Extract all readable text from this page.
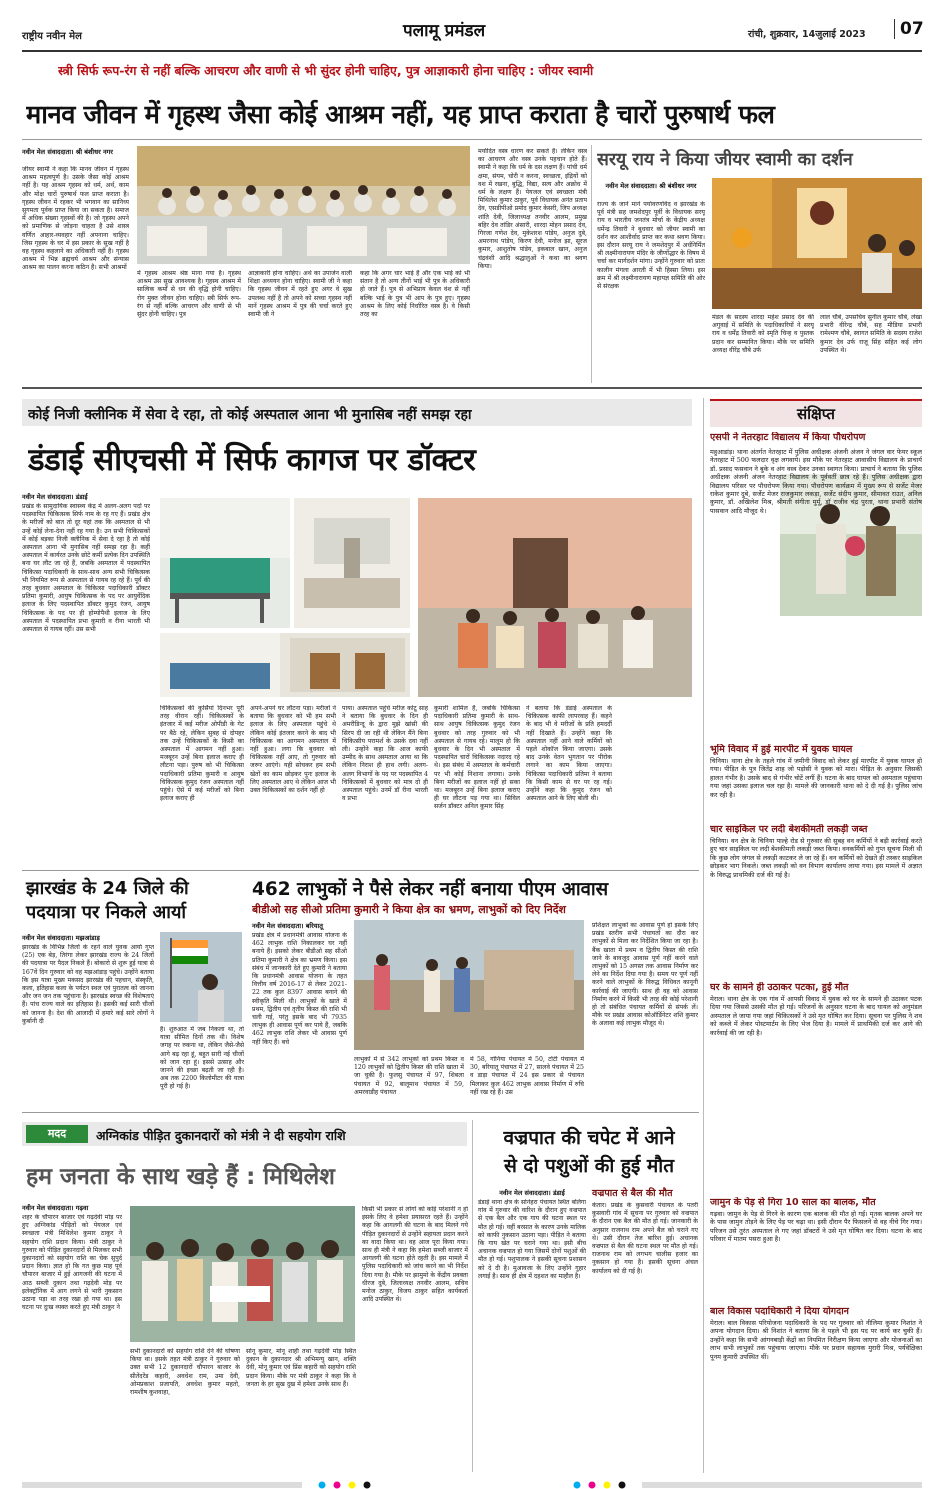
राष्ट्रीय नवीन मेल	पलामू प्रमंडल	रांची, शुक्रवार, 14जुलाई 2023	07
स्त्री सिर्फ रूप-रंग से नहीं बल्कि आचरण और वाणी से भी सुंदर होनी चाहिए, पुत्र आज्ञाकारी होना चाहिए : जीयर स्वामी
मानव जीवन में गृहस्थ जैसा कोई आश्रम नहीं, यह प्राप्त कराता है चारों पुरुषार्थ फल
नवीन मेल संवाददाता। श्री बंशीधर नगर
जीयर स्वामी ने कहा कि मानव जीवन में गृहस्थ आश्रम महत्वपूर्ण है। उसके जैसा कोई आश्रम नहीं है। यह आश्रम गृहस्थ को धर्म, अर्थ, काम और मोक्ष चारों पुरुषार्थ फल प्राप्त कराता है। गृहस्थ जीवन में रहकर भी भगवान का सानिध्य सुगमता पूर्वक प्राप्त किया जा सकता है। समाज में अधिक संख्या गृहस्थों की है। जो गृहस्थ अपने को प्रमाणिक से जोड़ना चाहता है उसे शास्त्र वर्णित आहार-व्यवहार नहीं अपनाना चाहिए। जिस गृहस्थ के घर में इस प्रकार के सुख नहीं है वह गृहस्थ कहलाने का अधिकारी नहीं है। गृहस्थ आश्रम में भिन्न ब्रह्मचर्य आश्रम और संन्यास आश्रम का पालन करना कठिन है। सभी आश्रमों
में गृहस्थ आश्रम श्रेष्ठ माना गया है। गृहस्थ आश्रम उस सुख आवश्यक है। गृहस्थ आश्रम में सात्विक कर्मों से धन की वृद्धि होनी चाहिए। रोग मुक्त जीवन होना चाहिए। स्त्री सिर्फ रूप-रंग से नहीं बल्कि आचरण और वाणी से भी सुंदर होनी चाहिए। पुत्र
आज्ञाकारी होना चाहिए। अर्थ का उपार्जन वाली शिक्षा अध्ययन होना चाहिए। स्वामी जी ने कहा कि गृहस्थ जीवन में रहते हुए अगर वे सुख उपलब्ध नहीं है तो अपने को सच्चा गृहस्थ नहीं मानें गृहस्थ आश्रम में पुत्र की चर्चा करते हुए स्वामी जी ने
कहा कि अगर चार भाई हैं और एक भाई को भी संतान है तो अन्य तीनों भाई भी पुत्र के अधिकारी हो जाते हैं। पुत्र से अभिप्राय केवल वंश से नहीं बल्कि भाई के पुत्र भी आप के पुत्र हुए। गृहस्थ आश्रम के लिए कोई निर्धारित वस्त्र है। वे किसी तरह का
मर्यादित वस्त्र धारण कर सकते हैं। लेकिन वस्त्र का आचरण और वस्त्र उनके पहचान होते हैं। स्वामी ने कहा कि धर्म के दस लक्षण हैं। पांची धर्म क्षमा, संयम, चोरी न करना, स्वच्छता, इंद्रियों को वश में रखना, बुद्धि, विद्या, सत्य और अक्रोध में धर्म के लक्षण हैं। पेयजल एवं स्वच्छता मंत्री मिथिलेश कुमार ठाकुर, पूर्व विधायक अनंत प्रताप देव, एसडीपीओ प्रमोद कुमार केसरी, जिप अध्यक्ष शांति देवी, जिलाध्यक्ष तनवीर आलम, प्रमुख बहिर देव तांडिर अंसारी, शारदा मोहन प्रसाद देव, गिरजा गणेश देव, मुकेशरश पांडेय, अनुज दुबे, अमरनाथ पांडेय, किरण देवी, मनोज झा, सूरज कुमार, आशुतोष पांडेय, इकबाल खान, अनुज चंद्रवंशी आदि श्रद्धालुओं ने कथा का श्रवण किया।
सरयू राय ने किया जीयर स्वामी का दर्शन
नवीन मेल संवाददाता। श्री बंशीधर नगर
राज्य के जाने माने पर्यावरणविद व झारखंड के पूर्व मंत्री सह जमशेदपुर पूर्वी के विधायक सरयू राय व भारतीय जनतंत्र मोर्चा के केंद्रीय अध्यक्ष धर्मेन्द्र तिवारी ने बुधवार को जीयर स्वामी का दर्शन कर आशीर्वाद प्राप्त कर कथा श्रवण किया। इस दौरान सरयू राय ने जमशेदपुर में अर्धनिर्मित श्री लक्ष्मीनारायण मंदिर के जीर्णोद्धार के विषय में चर्चा कर मार्गदर्शन मांगा। उन्होंने गुरुवार को प्रातः कालीन मंगला आरती में भी हिस्सा लिया। इस क्रम में श्री लक्ष्मीनारायण महायज्ञ समिति की ओर से संरक्षक
मंडल के सदस्य शारदा महेश प्रसाद देव की अगुवाई में समिति के पदाधिकारियों ने सरयू राय व धर्मेंद्र तिवारी को स्मृति चिन्ह व पुस्तक प्रदान कर सम्मानित किया। मौके पर समिति अध्यक्ष वीरेंद्र चौबे उर्फ
लाल चौबे, उपसचिव सुनील कुमार चौबे, लेखा प्रभारी वीरेन्द्र चौबे, सह मीडिया प्रभारी रामेश्मण चौबे, स्वागत समिति के सदस्य राजेश कुमार देव उर्फ राजू सिंह सहित कई लोग उपस्थित थे।
कोई निजी क्लीनिक में सेवा दे रहा, तो कोई अस्पताल आना भी मुनासिब नहीं समझ रहा
डंडाई सीएचसी में सिर्फ कागज पर डॉक्टर
नवीन मेल संवाददाता। डंडाई
प्रखंड के सामुदायिक स्वास्थ्य केंद्र में अलग-अलग पदों पर पदस्थापित चिकित्सक सिर्फ नाम के रह गए हैं। प्रखंड क्षेत्र के मरीजों को बात तो दूर यहां तक कि अस्पताल से भी उन्हें कोई लेना-देना नहीं रह गया है। उन सभी चिकित्सकों में कोई बड़का निजी क्लीनिक में सेवा दे रहा है तो कोई अस्पताल आना भी मुनासिब नहीं समझ रहा है। कहीं अस्पताल में कार्यरत उनके छोटे कर्मी प्रत्येक दिन उपस्थिति बना घर लौट जा रहे हैं, जबकि अस्पताल में पदस्थापित चिकित्सा पदाधिकारी के साथ-साथ अन्य सभी चिकित्सक भी नियमित रूप से अस्पताल से गायब रह रहे हैं। पूर्व की तरह बुधवार अस्पताल के चिकित्सा पदाधिकारी डॉक्टर प्रतिमा कुमारी, आयुष चिकित्सक के पद पर आयुर्वेदिक इलाज के लिए पदस्थापित डॉक्टर कुमुद रंजन, आयुष चिकित्सक के पद पर ही होम्योपैथी इलाज के लिए अस्पताल में पदस्थापित प्रभा कुमारी व रीना भारती भी अस्पताल से गायब रहीं। उस सभी
चिकित्सकों की कुर्सियां दिनभर पूरी तरह वीरान रहीं। चिकित्सकों के इंतजार में कई मरीज ओपीडी के गेट पर बैठे रहे, लेकिन सुबह से दोपहर तक उन्हें चिकित्सकों के किसी का अस्पताल में आगमन नहीं हुआ। मजबूरन उन्हें बिना इलाज कराए ही लौटना पड़ा। पुरुष को भी चिकित्सा पदाधिकारी प्रतिमा कुमारी व आयुष चिकित्सक कुमुद रंजन अस्पताल नहीं पहुंचे। ऐसे में कई मरीजों को बिना इलाज कराए ही
अपने-अपने घर लौटना पड़ा। मरीजों ने बताया कि बुधवार को भी हम सभी इलाज के लिए अस्पताल पहुंचे थे लेकिन कोई इंतजार करने के बाद भी चिकित्सक का आगमन अस्पताल में नहीं हुआ। लगा कि बुधवार को चिकित्सक नहीं आए, तो गुरुवार को जरूर आएंगे। यही सोचकर हम सभी खेतों का काम छोड़कर पुनः इलाज के लिए अस्पताल आए थे लेकिन आज भी उक्त चिकित्सकों का दर्शन नहीं हो
पाया। अस्पताल पहुंचे मरीज कोटू साह ने बताया कि बुधवार के दिन ही अमरीडिन्दू के द्वारा मुझे खांसी की सिरप दी जा रही थी लेकिन मैंने बिना चिकित्सीय परामर्श के उसके दवा नहीं ली। उन्होंने कहा कि आज काफी उम्मीद के साथ अस्पताल आया था कि लेकिन निराश ही हाथ लगी। अलग-अलग विभागों के पद पर पदस्थापित 4 चिकित्सकों में बुधवार को मात्र दो ही अस्पताल पहुंचे। उनमें डॉ रीना भारती व प्रभा
कुमारी शामिल हैं, जबकि चिकित्सा पदाधिकारी प्रतिमा कुमारी के साथ-साथ आयुष चिकित्सक कुमुद रंजन बुधवार को तरह गुरुवार को भी अस्पताल से गायब रहे। मालूम हो कि बुधवार के दिन भी अस्पताल में पदस्थापित चारों चिकित्सक नदारद रहे थे। इस संबंध में अस्पताल के कर्मचारी पर भी कोई निशाना लगाया। उनके बिना मरीजों का इलाज नहीं हो सका था। मजबूरन उन्हें बिना इलाज कराए ही घर लौटना पड़ गया था। सिविल सर्जन डॉक्टर अनिल कुमार सिंह
ने बताया कि डंडाई अस्पताल के चिकित्सक काफी लापरवाह हैं। कहने के बाद भी वे मरीजों के प्रति हमदर्दी नहीं दिखाते हैं। उन्होंने कहा कि अस्पताल नहीं आने वाले कर्मियों को पहले शोकॉज किया जाएगा। उसके बाद उनके वेतन भुगतान पर पीरोक लगाने का काम किया जाएगा। चिकित्सा पदाधिकारी प्रतिमा ने बताया कि किसी काम से घर पर रह गई। उन्होंने कहा कि कुमुद रंजन को अस्पताल आने के लिए बोली थी।
झारखंड के 24 जिले की
पदयात्रा पर निकले आर्या
नवीन मेल संवाददाता। मझआंडाड़
झारखंड के विभिन्न जिलों के रहने वाले युवक आर्या गुप्त (25) एक बेड़, तिरंगा लेकर झारखंड राज्य के 24 जिलों की पदयात्रा पर पैदल निकले हैं। बोकारो से शुरू हुई यात्रा से 167वें दिन गुरुवार को वह मझआंडाड़ पहुंचे। उन्होंने बताया कि इस यात्रा मुख्य मकसद झारखंड की पहचान, संस्कृति, कला, इतिहास कला के पर्यटन स्थल एवं पुरातत्व को जानना और जन जन तक पहुंचाना है। झारखंड स्वच्छ की विशेषताएं हैं। पांच राज्य वाले का इतिहास है। इसकी कई सारी चीजों को जानना है। देश की आजादी में हमारे कई सारे लोगों ने कुर्बानी दी
है। शुरुआत में जब निकला था, तो यात्रा सीमित दिनों तक थी। विशेष जगह पर रुकना था, लेकिन जैसे-जैसे आगे बढ़ रहा हूं, बहुत सारी नई चीजों को जान रहा हूं। इससे उत्साह और जानने की इच्छा बढ़ती जा रही है। अब तक 2200 किलोमीटर की यात्रा पूरी हो गई है।
462 लाभुकों ने पैसे लेकर नहीं बनाया पीएम आवास
बीडीओ सह सीओ प्रतिमा कुमारी ने किया क्षेत्र का भ्रमण, लाभुकों को दिए निर्देश
नवीन मेल संवाददाता। बरियातू
प्रखंड क्षेत्र में प्रधानमंत्री आवास योजना के 462 लाभुक राशि निकालकर घर नहीं बनाये हैं। इसको लेकर बीडीओ सह सीओ प्रतिमा कुमारी ने क्षेत्र का भ्रमण किया। इस संबंध में जानकारी देते हुए कुमारी ने बताया कि प्रधानमंत्री आवास योजना के तहत वित्तीय वर्ष 2016-17 से लेकर 2021-22 तक कुल 8397 आवास बनाने की स्वीकृति मिली थी। लाभुकों के खाते में प्रथम, द्वितीय एवं तृतीय किस्त की राशि भी चली गई, परंतु इसके बाद भी 7935 लाभुक ही आवास पूर्ण कर पाये हैं, जबकि 462 लाभुक राशि लेकर भी आवास पूर्ण नहीं किए हैं। बचे
लाभुकों में से 342 लाभुकों को प्रथम किस्त व 120 लाभुकों को द्वितीय किस्त की राशि खाता में जा चुकी है। फुलसु पंचायत में 97, शिबला पंचायत में 92, बालूमाथ पंचायत में 59, अमरवाडीह पंचायत
में 58, गोनिया पंचायत में 50, टोंटी पंचायत में 30, बरियातू पंचायत में 27, सालवे पंचायत में 25 व डाड़ा पंचायत में 24 इस प्रकार से पंचायत मिलाकर कुल 462 लाभुक आवास निर्माण में रुचि नहीं रख रहे हैं। उस
प्रशिक्षत लाभुकों का आवास पूर्ण हो इसके लिए प्रखंड स्तरीय सभी पंचायतों का दौरा कर लाभुकों से मिला कर निर्देशित किया जा रहा है। बैंक खाता में प्रथम व द्वितीय किस्त की राशि जाने के बावजूद आवास पूर्ण नहीं करने वाले लाभुकों को 15 अगस्त तक आवास निर्माण कर लेने का निर्देश दिया गया है। समय पर पूर्ण नहीं करने वाले लाभुकों के विरुद्ध विधिवत कानूनी कार्रवाई की जाएगी। साथ ही वह को आवास निर्माण करने में किसी भी तरह की कोई परेशानी हो तो संबंधित पंचायत कर्मियों से संपर्क लें। मौके पर प्रखंड आवास कोऑर्डिनेटर शशि कुमार के अलावा कई लाभुक मौजूद थे।
मदद	अग्निकांड पीड़ित दुकानदारों को मंत्री ने दी सहयोग राशि
हम जनता के साथ खड़े हैं : मिथिलेश
नवीन मेल संवाददाता। गढ़वा
शहर के चौपारन बाजार एवं गढ़देवी मोड़ पर हुए अग्निकांड पीड़ितों को पेयजल एवं स्वच्छता मंत्री मिथिलेश कुमार ठाकुर ने सहयोग राशि प्रदान किया। मंत्री ठाकुर ने गुरुवार को पीड़ित दुकानदारों से मिलकर सभी दुकानदारों को सहयोग राशि का चेक सुपुर्द प्रदान किया। ज्ञात हो कि गत कुछ माह पूर्व चौपारन बाजार में हुई आगजनी की घटना में आठ सब्जी दुकान तथा गढ़देवी मोड़ पर इलेक्ट्रॉनिक में आग लगने से भारी नुकसान उठाना पड़ा था तरह रखा हो गया था। इस घटना पर दुःख व्यक्त करते हुए मंत्री ठाकुर ने
सभी दुकानदारों को सहयोग राशि देने की घोषणा किया था। इसके तहत मंत्री ठाकुर ने गुरुवार को उक्त सभी 12 दुकानदारों चौपारन बाजार के सीतेंदरेंड कहारी, अवधेश राम, उमा देवी, ओमप्रकाश प्रजापति, अवधेश कुमार महतो, रामशीष कुशवाहा,
सोनू कुमार, मोनू शाही तथा गढ़देवी मोड़ स्थित दुकान के दुकानदार श्री अभिमन्यु खान, शक्ति देवी, मोनू कुमार एवं प्रिंस कहारी को सहयोग राशि प्रदान किया। मौके पर मंत्री ठाकुर ने कहा कि वे जनता के हर सुख दुख में हमेशा उनके साथ हैं।
किसी भी प्रकार से लोगों को कोई परेशानी न हो इसके लिए वे हमेशा प्रयासरत रहते हैं। उन्होंने कहा कि आगलगी की घटना के बाद मिलने गये पीड़ित दुकानदारों से उन्होंने सहायता प्रदान करने का वादा किया था। वह आज पूरा किया गया। साथ ही मंत्री ने कहा कि हमेशा सब्जी बाजार में आगलगी की घटना होते रहती है। इस मामले में पुलिस पदाधिकारी को जांच करने का भी निर्देश दिया गया है। मौके पर झामुमो के केंद्रीय प्रवक्ता धीरज दुबे, जिलाध्यक्ष तनवीर आलम, सचिव मनोज ठाकुर, विजय ठाकुर सहित कार्यकर्ता आदि उपस्थित थे।
वज्रपात की चपेट में आने
से दो पशुओं की हुई मौत
नवीन मेल संवाददाता। डंडाई
डंडाई थाना क्षेत्र के सोनेहरा पंचायत स्थित बलिगा गांव में गुरुवार की वारिश के दौरान हुए वज्रपात से एक बैल और एक गाय की घटना स्थल पर मौत हो गई। वहीं बरसात के कारण उनके मालिक को काफी नुकसान उठाना पड़ा। पीड़ित ने बताया कि गाय खेत पर चराने गया था। इसी बीच अचानक वज्रपात हो गया जिसमें दोनों पशुओं की मौत हो गई। पशुपालक ने इसकी सूचना प्रशासन को दे दी है। मुआवजा के लिए उन्होंने गुहार लगाई है। साथ ही क्षेत्र में दहशत का माहौल है।
वज्रपात से बैल की मौत
केतार। प्रखंड के कुसवारी पंचायत के पतरी कुसवारी गांव में सूचना पर गुरुवार को वज्रपात के दौरान एक बैल की मौत हो गई। जानकारी के अनुसार राजनाथ राम अपने बैल को चराने गए थे। उसी दौरान तेज बारिश हुई। अचानक वज्रपात से बैल की घटना स्थल पर मौत हो गई। राजनाथ राम को लगभग चालीस हजार का नुकसान हो गया है। इसकी सूचना अंचल कार्यालय को दी गई है।
संक्षिप्त
एसपी ने नेतरहाट विद्यालय में किया पौधरोपण
महुआडांड़। थाना अंतर्गत नेतरहाट में पुलिस अधीक्षक अंजनी अंजन ने जंगल वार फेयर स्कूल नेतरहाट में 500 फलदार वृक्ष लगवाये। इस मौके पर नेतरहाट आवासीय विद्यालय के प्राचार्य डॉ. प्रसाद फसवान ने बुके व अंग वस्त्र देकर उनका स्वागत किया। प्राचार्य ने बताया कि पुलिस अधीक्षक अंजनी अंजन नेतरहाट विद्यालय के पूर्ववर्ती छात्र रहे हैं। पुलिस अधीक्षक द्वारा विद्यालय परिसर पर पौधरोपण किया गया। पौधरोपण कार्यक्रम में मुख्य रूप से सर्जेट मेजर राकेश कुमार दुबे, सर्जेट मेजर राजकुमार लकड़ा, सर्जेट संदीप कुमार, सीमावत राउत, अनिल कुमार, डॉ. अखिलेश मिश्र, श्रीमती संगीता मुर्मू, डॉ राजीव चंद्र पुरता, थाना प्रभारी संतोष पासवान आदि मौजूद थे।
भूमि विवाद में हुई मारपीट में युवक घायल
चिनिया। थाना क्षेत्र के तहले गांव में जमीनी विवाद को लेकर हुई मारपीट में युवक घायल हो गया। पीड़ित के पुत्र जितेंद्र शाह जो पड़ोसी ने युवक को मारा। पीड़ित के अनुसार जिसकी हालत गंभीर है। उसके बाद से गंभीर चोटें लगीं हैं। घटना के बाद घायल को अस्पताल पहुंचाया गया जहां उसका इलाज चल रहा है। मामले की जानकारी थाना को दे दी गई है। पुलिस जांच कर रही है।
चार साइकिल पर लदी बेशकीमती लकड़ी जब्त
चिनिया। वन क्षेत्र के चिनिया पाल्हे रोड से गुरुवार की सुबह वन कर्मियों ने बड़ी कार्रवाई करते हुए चार साइकिल पर लदी बेशकीमती लकड़ी जब्त किया। वनकर्मियों को गुप्त सूचना मिली थी कि कुछ लोग जंगल से लकड़ी काटकर ले जा रहे हैं। वन कर्मियों को देखते ही तस्कर साइकिल छोड़कर भाग निकले। जब्त लकड़ी को वन विभाग कार्यालय लाया गया। इस मामले में अज्ञात के विरुद्ध प्राथमिकी दर्ज की गई है।
घर के सामने ही उठाकर पटका, हुई मौत
मेराल। थाना क्षेत्र के एक गांव में आपसी विवाद में युवक को घर के सामने ही उठाकर पटक दिया गया जिससे उसकी मौत हो गई। परिजनों के अनुसार घटना के बाद घायल को अनुमंडल अस्पताल ले जाया गया जहां चिकित्सकों ने उसे मृत घोषित कर दिया। सूचना पर पुलिस ने शव को कब्जे में लेकर पोस्टमार्टम के लिए भेज दिया है। मामले में प्राथमिकी दर्ज कर आगे की कार्रवाई की जा रही है।
जामुन के पेड़ से गिरा 10 साल का बालक, मौत
गढ़वा। जामुन के पेड़ से गिरने के कारण एक बालक की मौत हो गई। मृतक बालक अपने घर के पास जामुन तोड़ने के लिए पेड़ पर चढ़ा था। इसी दौरान पैर फिसलने से वह नीचे गिर गया। परिजन उसे तुरंत अस्पताल ले गए जहां डॉक्टरों ने उसे मृत घोषित कर दिया। घटना के बाद परिवार में मातम पसरा हुआ है।
बाल विकास पदाधिकारी ने दिया योगदान
मेराल। बाल विकास परियोजना पदाधिकारी के पद पर गुरुवार को नीलिमा कुमार निशांत ने अपना योगदान दिया। श्री निशांत ने बताया कि वे पहले भी इस पद पर कार्य कर चुकी हैं। उन्होंने कहा कि सभी आंगनबाड़ी केंद्रों का नियमित निरीक्षण किया जाएगा और योजनाओं का लाभ सभी लाभुकों तक पहुंचाया जाएगा। मौके पर प्रधान सहायक मुरारी मिश्र, पर्यवेक्षिका पूनम कुमारी उपस्थित थीं।
